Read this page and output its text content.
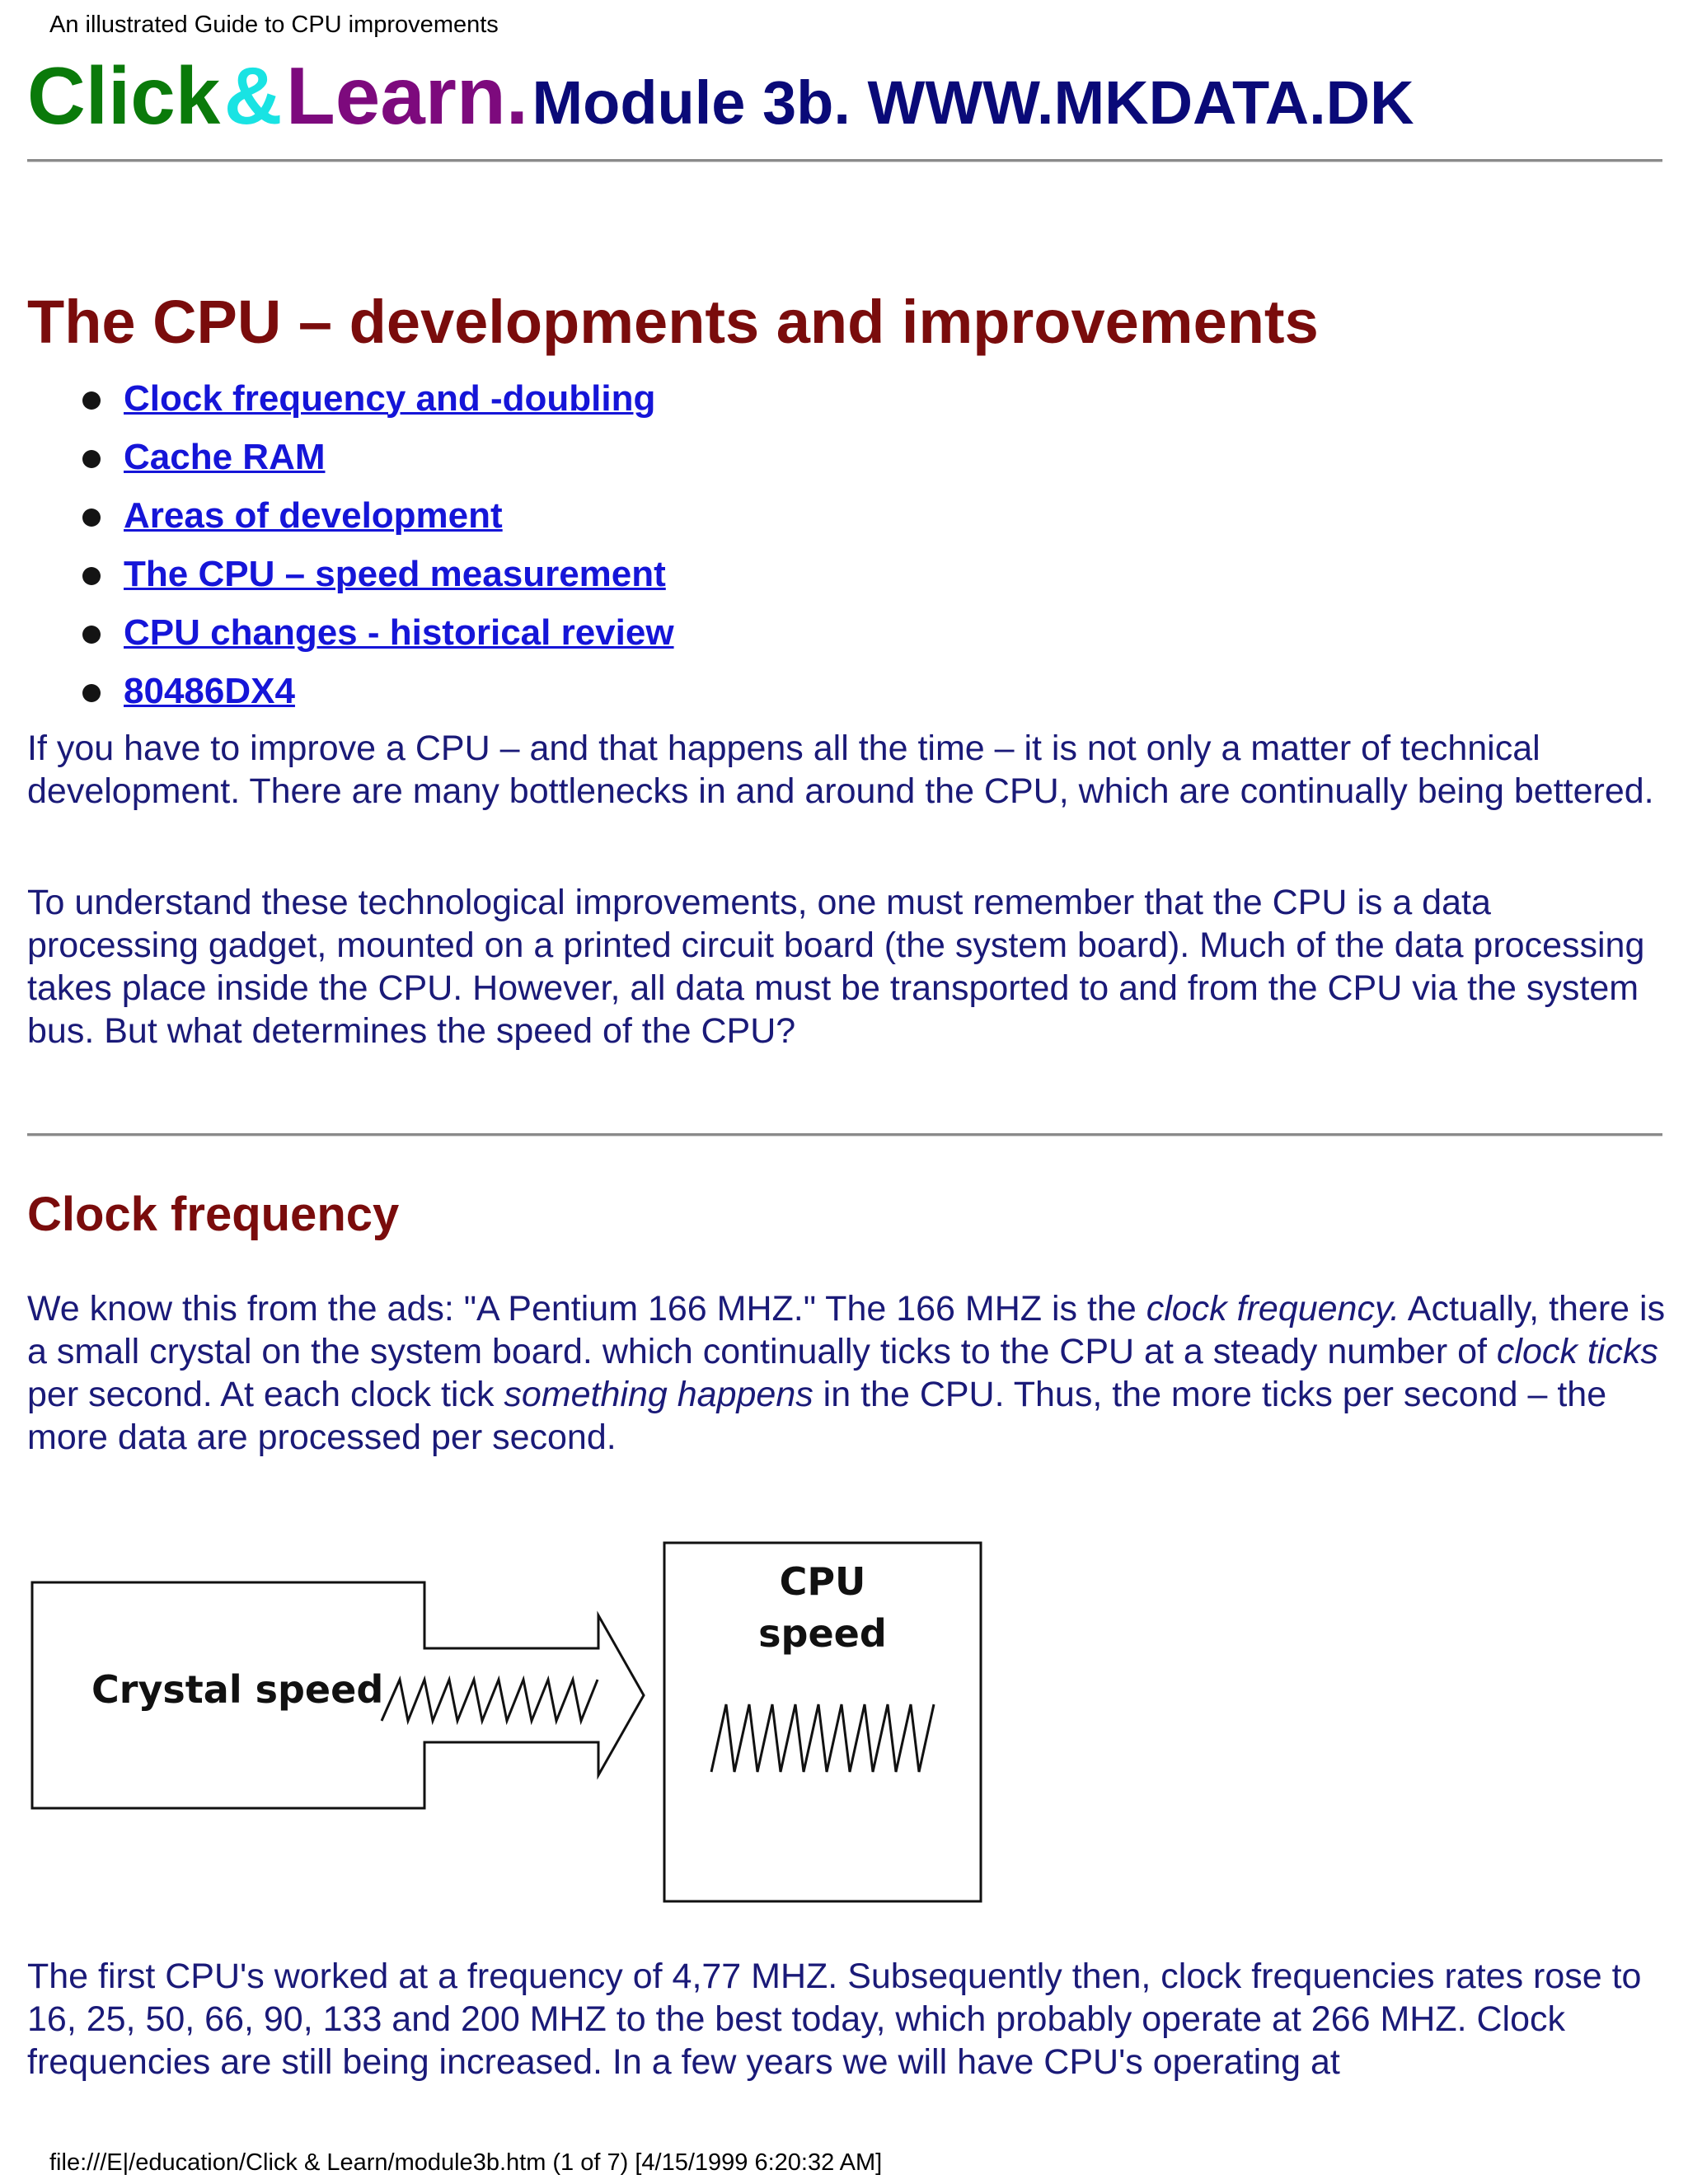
An illustrated Guide to CPU improvements
Click & Learn. Module 3b. WWW.MKDATA.DK
The CPU – developments and improvements
Clock frequency and -doubling
Cache RAM
Areas of development
The CPU – speed measurement
CPU changes - historical review
80486DX4

If you have to improve a CPU – and that happens all the time – it is not only a matter of technical development. There are many bottlenecks in and around the CPU, which are continually being bettered.

To understand these technological improvements, one must remember that the CPU is a data processing gadget, mounted on a printed circuit board (the system board). Much of the data processing takes place inside the CPU. However, all data must be transported to and from the CPU via the system bus. But what determines the speed of the CPU?

Clock frequency

We know this from the ads: "A Pentium 166 MHZ." The 166 MHZ is the clock frequency. Actually, there is a small crystal on the system board. which continually ticks to the CPU at a steady number of clock ticks per second. At each clock tick something happens in the CPU. Thus, the more ticks per second – the more data are processed per second.

Crystal speed
CPU
speed

The first CPU's worked at a frequency of 4,77 MHZ. Subsequently then, clock frequencies rates rose to 16, 25, 50, 66, 90, 133 and 200 MHZ to the best today, which probably operate at 266 MHZ. Clock frequencies are still being increased. In a few years we will have CPU's operating at

file:///E|/education/Click & Learn/module3b.htm (1 of 7) [4/15/1999 6:20:32 AM]
